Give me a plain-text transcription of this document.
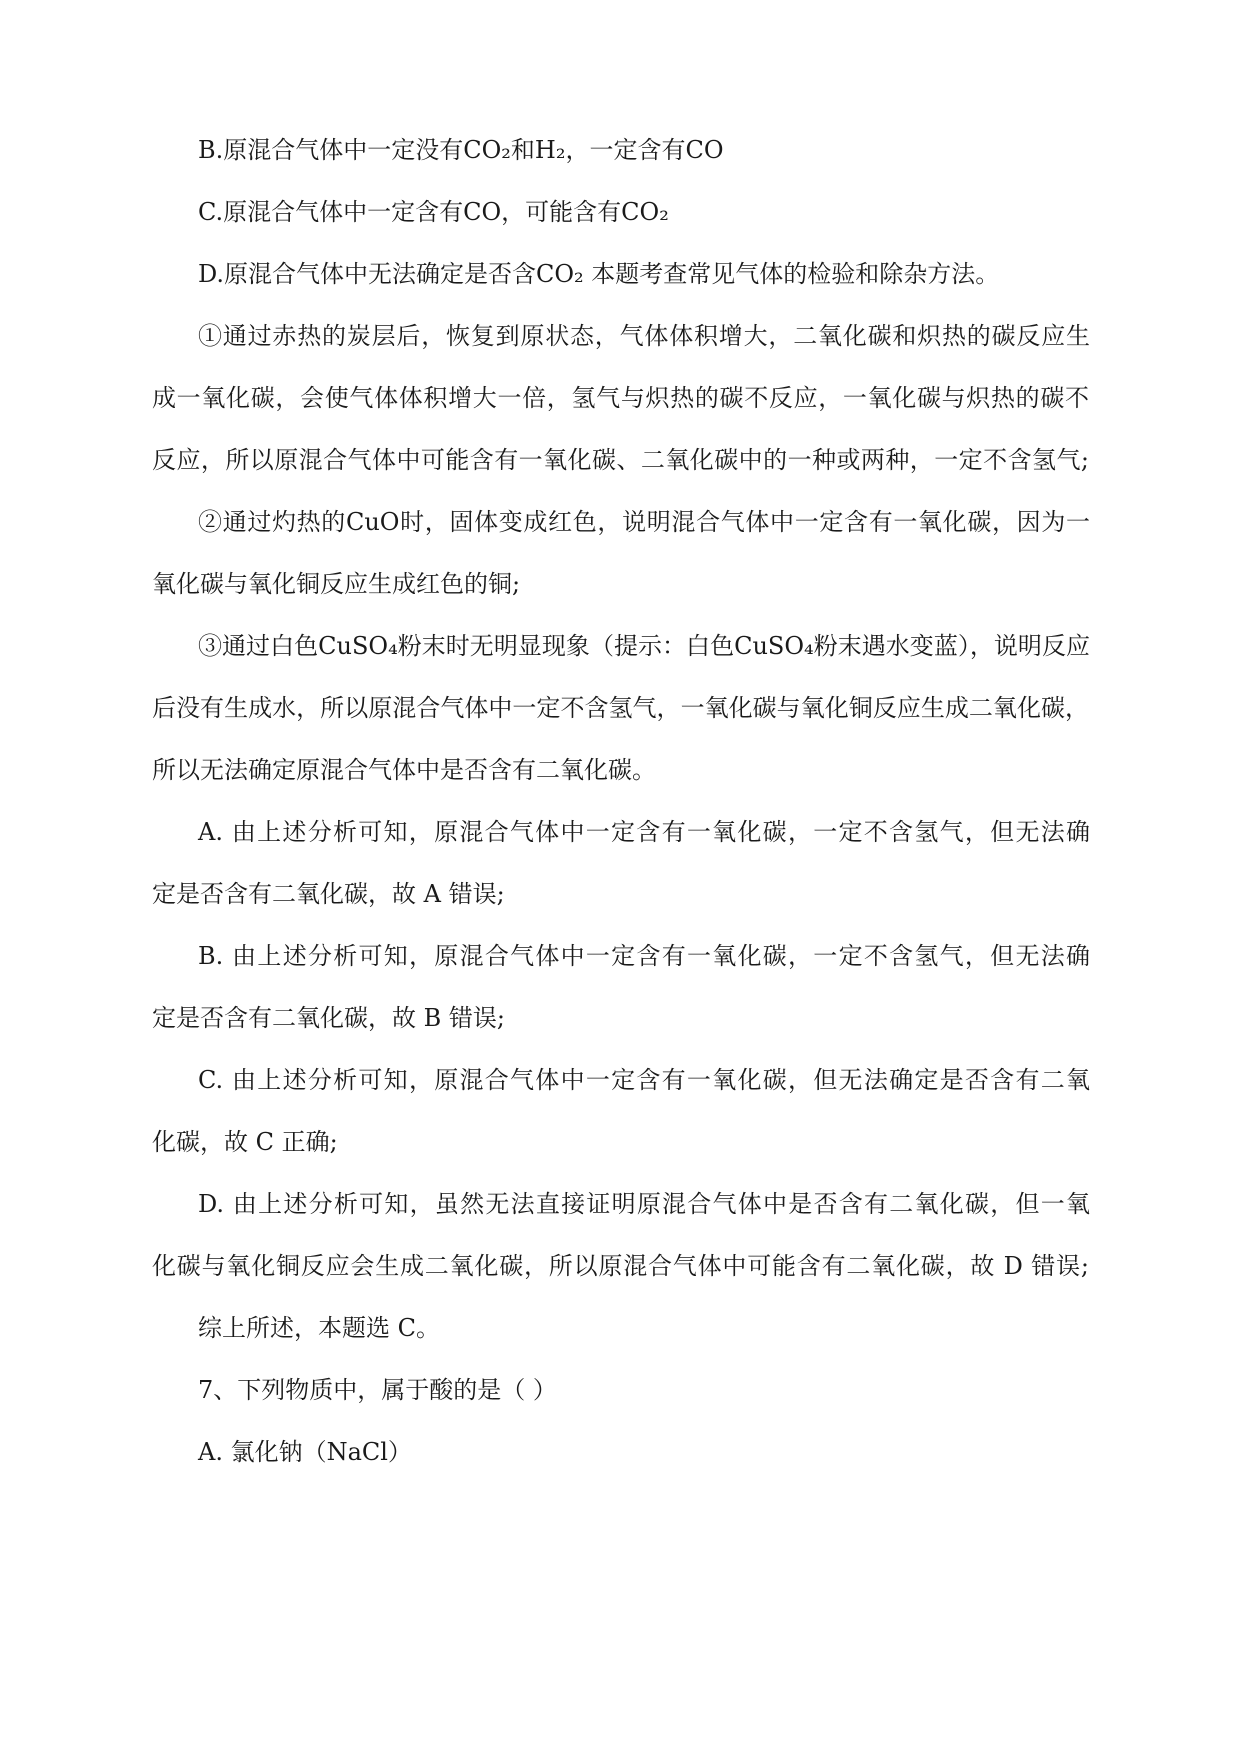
B.原混合气体中一定没有CO₂和H₂，一定含有CO
C.原混合气体中一定含有CO，可能含有CO₂
D.原混合气体中无法确定是否含CO₂ 本题考查常见气体的检验和除杂方法。
①通过赤热的炭层后，恢复到原状态，气体体积增大，二氧化碳和炽热的碳反应生
成一氧化碳，会使气体体积增大一倍，氢气与炽热的碳不反应，一氧化碳与炽热的碳不
反应，所以原混合气体中可能含有一氧化碳、二氧化碳中的一种或两种，一定不含氢气;
②通过灼热的CuO时，固体变成红色，说明混合气体中一定含有一氧化碳，因为一
氧化碳与氧化铜反应生成红色的铜;
③通过白色CuSO₄粉末时无明显现象（提示：白色CuSO₄粉末遇水变蓝），说明反应
后没有生成水，所以原混合气体中一定不含氢气，一氧化碳与氧化铜反应生成二氧化碳，
所以无法确定原混合气体中是否含有二氧化碳。
A. 由上述分析可知，原混合气体中一定含有一氧化碳，一定不含氢气，但无法确
定是否含有二氧化碳，故 A 错误;
B. 由上述分析可知，原混合气体中一定含有一氧化碳，一定不含氢气，但无法确
定是否含有二氧化碳，故 B 错误;
C. 由上述分析可知，原混合气体中一定含有一氧化碳，但无法确定是否含有二氧
化碳，故 C 正确;
D. 由上述分析可知，虽然无法直接证明原混合气体中是否含有二氧化碳，但一氧
化碳与氧化铜反应会生成二氧化碳，所以原混合气体中可能含有二氧化碳，故 D 错误;
综上所述，本题选 C。
7、下列物质中，属于酸的是（ ）
A. 氯化钠（NaCl）
